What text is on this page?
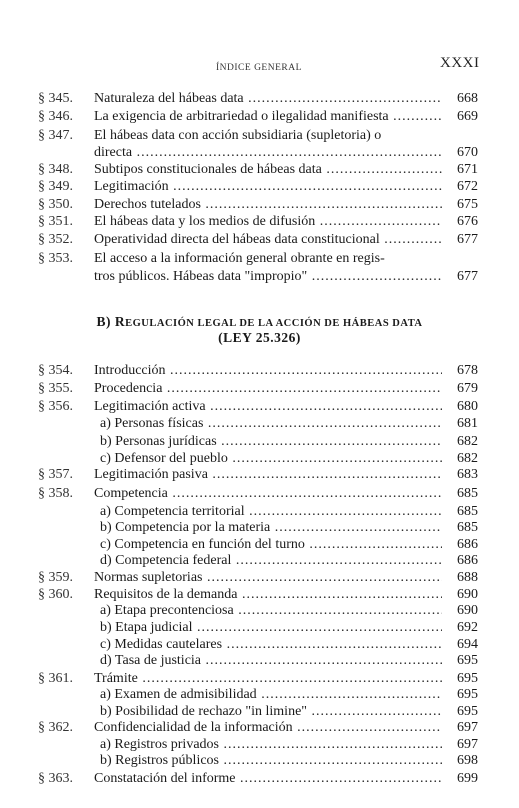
ÍNDICE GENERAL	XXXI
B) REGULACIÓN LEGAL DE LA ACCIÓN DE HÁBEAS DATA
(LEY 25.326)
§ 345. Naturaleza del hábeas data .....	668
§ 346. La exigencia de arbitrariedad o ilegalidad manifiesta .....	669
§ 347. El hábeas data con acción subsidiaria (supletoria) o
directa .....	670
§ 348. Subtipos constitucionales de hábeas data .....	671
§ 349. Legitimación .....	672
§ 350. Derechos tutelados .....	675
§ 351. El hábeas data y los medios de difusión .....	676
§ 352. Operatividad directa del hábeas data constitucional .....	677
§ 353. El acceso a la información general obrante en regis-
tros públicos. Hábeas data "impropio" .....	677
§ 354. Introducción .....	678
§ 355. Procedencia .....	679
§ 356. Legitimación activa .....	680
a) Personas físicas .....	681
b) Personas jurídicas .....	682
c) Defensor del pueblo .....	682
§ 357. Legitimación pasiva .....	683
§ 358. Competencia .....	685
a) Competencia territorial .....	685
b) Competencia por la materia .....	685
c) Competencia en función del turno .....	686
d) Competencia federal .....	686
§ 359. Normas supletorias .....	688
§ 360. Requisitos de la demanda .....	690
a) Etapa precontenciosa .....	690
b) Etapa judicial .....	692
c) Medidas cautelares .....	694
d) Tasa de justicia .....	695
§ 361. Trámite .....	695
a) Examen de admisibilidad .....	695
b) Posibilidad de rechazo "in limine" .....	695
§ 362. Confidencialidad de la información .....	697
a) Registros privados .....	697
b) Registros públicos .....	698
§ 363. Constatación del informe .....	699
